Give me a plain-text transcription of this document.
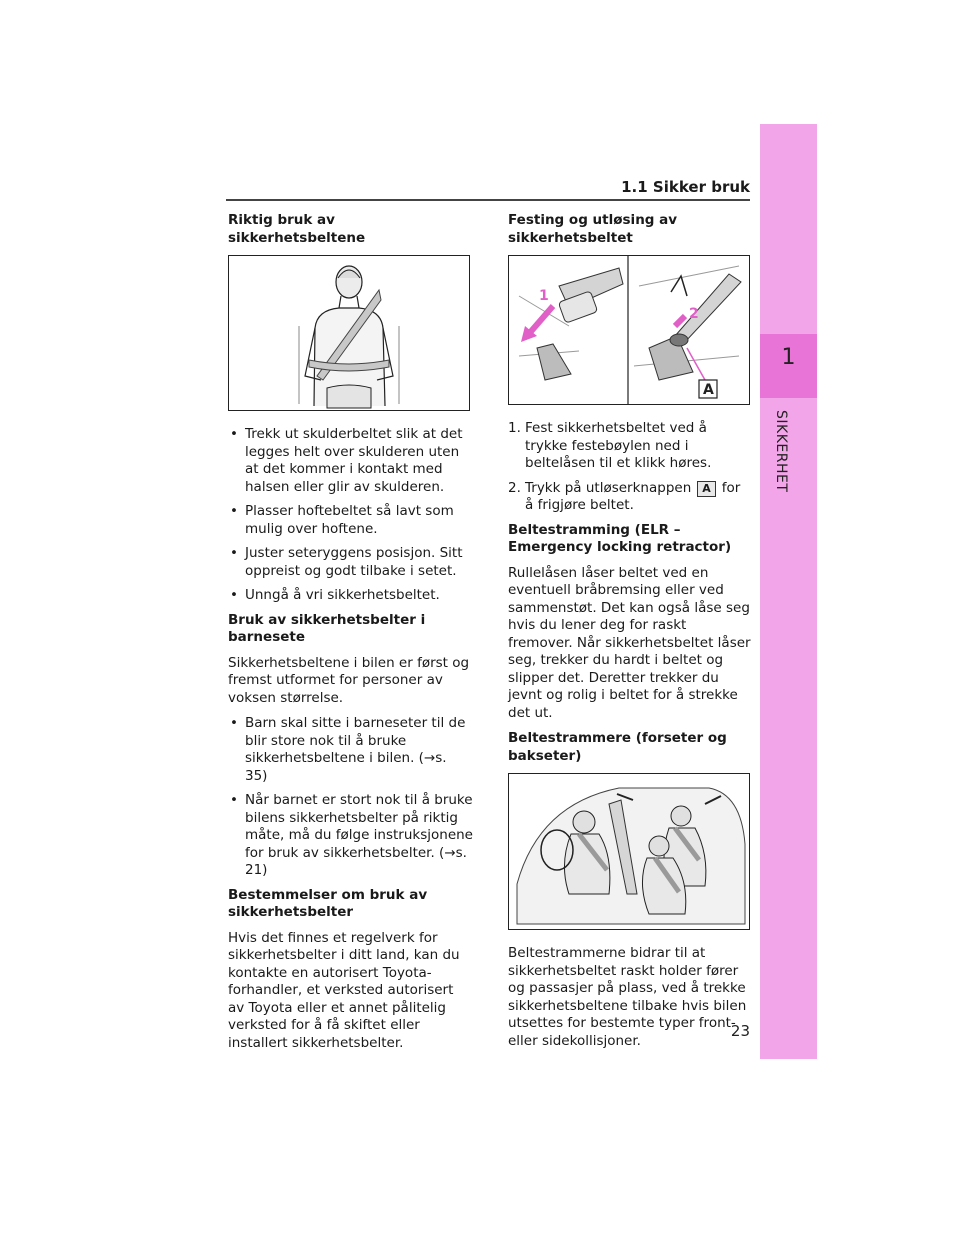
1
SIKKERHET
1.1 Sikker bruk
Riktig bruk av sikkerhetsbeltene
• Trekk ut skulderbeltet slik at det legges helt over skulderen uten at det kommer i kontakt med halsen eller glir av skulderen.
• Plasser hoftebeltet så lavt som mulig over hoftene.
• Juster seteryggens posisjon. Sitt oppreist og godt tilbake i setet.
• Unngå å vri sikkerhetsbeltet.
Bruk av sikkerhetsbelter i barnesete

Sikkerhetsbeltene i bilen er først og fremst utformet for personer av voksen størrelse.

• Barn skal sitte i barneseter til de blir store nok til å bruke sikkerhetsbeltene i bilen. (→s. 35)
• Når barnet er stort nok til å bruke bilens sikkerhetsbelter på riktig måte, må du følge instruksjonene for bruk av sikkerhetsbelter. (→s. 21)
Bestemmelser om bruk av sikkerhetsbelter

Hvis det finnes et regelverk for sikkerhetsbelter i ditt land, kan du kontakte en autorisert Toyota-forhandler, et verksted autorisert av Toyota eller et annet pålitelig verksted for å få skiftet eller installert sikkerhetsbelter.

Festing og utløsing av sikkerhetsbeltet
1
2
A
1. Fest sikkerhetsbeltet ved å trykke festebøylen ned i beltelåsen til et klikk høres.
2. Trykk på utløserknappen A for å frigjøre beltet.
Beltestramming (ELR – Emergency locking retractor)

Rullelåsen låser beltet ved en eventuell bråbremsing eller ved sammenstøt. Det kan også låse seg hvis du lener deg for raskt fremover. Når sikkerhetsbeltet låser seg, trekker du hardt i beltet og slipper det. Deretter trekker du jevnt og rolig i beltet for å strekke det ut.

Beltestrammere (forseter og bakseter)

Beltestrammerne bidrar til at sikkerhetsbeltet raskt holder fører og passasjer på plass, ved å trekke sikkerhetsbeltene tilbake hvis bilen utsettes for bestemte typer front- eller sidekollisjoner.

23
